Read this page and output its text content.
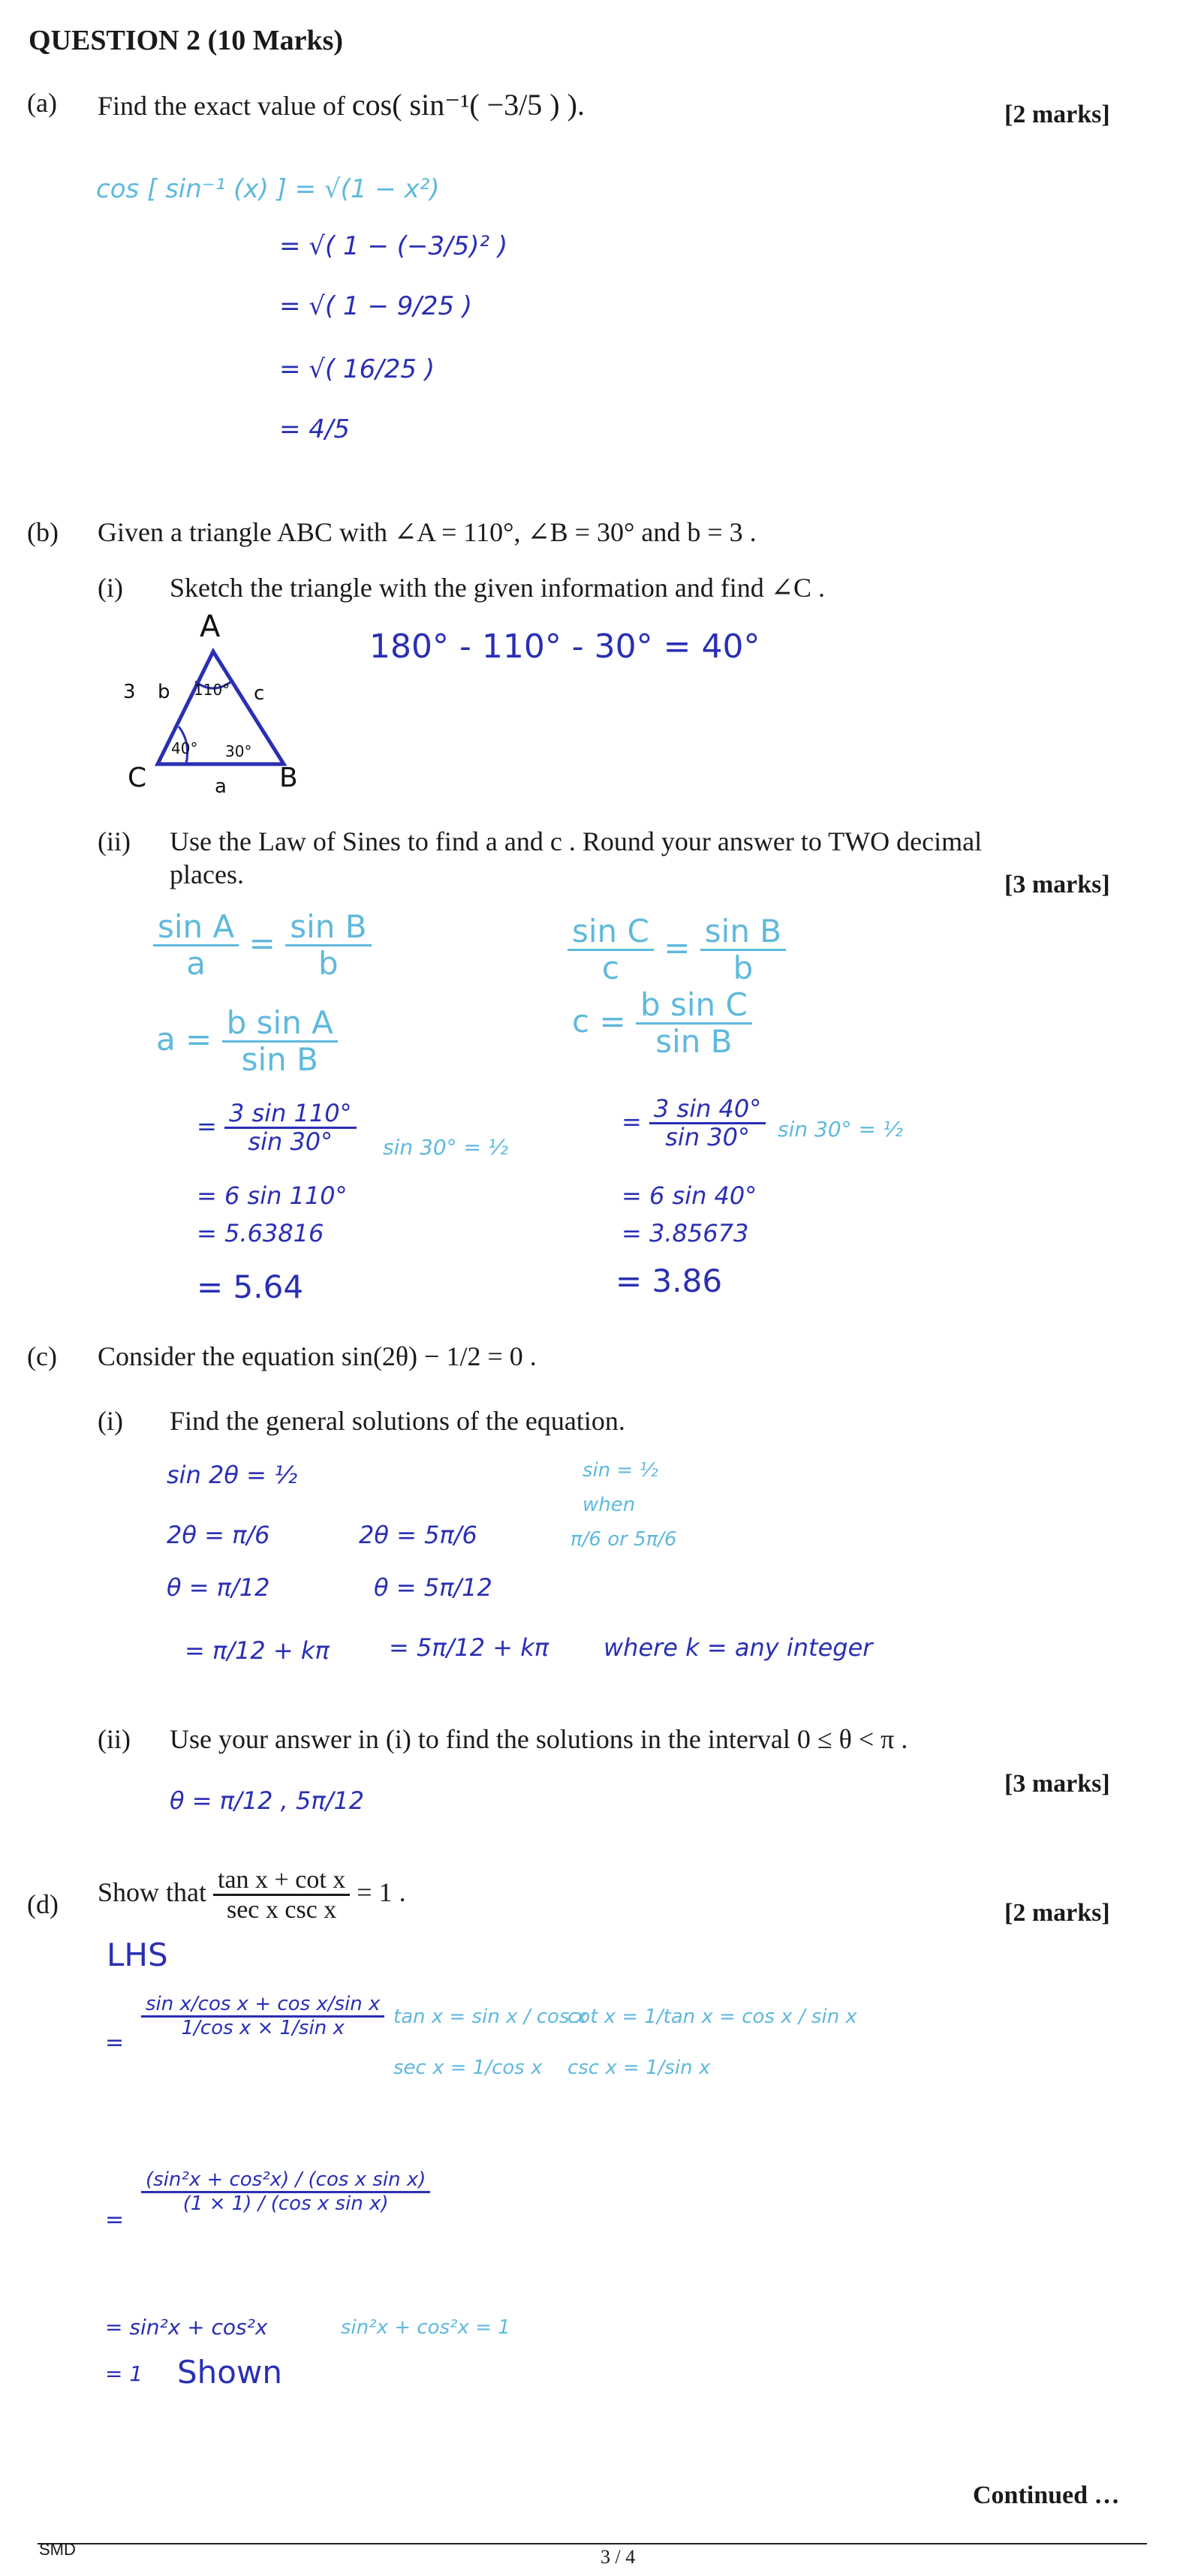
QUESTION 2 (10 Marks)
(a) Find the exact value of cos( sin⁻¹( −3/5 ) ).	[2 marks]
cos [ sin⁻¹ (x) ] = √(1 − x²)
= √( 1 − (−3/5)² )
= √( 1 − 9/25 )
= √( 16/25 )
= 4/5
(b) Given a triangle ABC with ∠A = 110°, ∠B = 30° and b = 3 .
(i) Sketch the triangle with the given information and find ∠C .
A
C	B
3 b	c
a
110°
40° 30°
180° - 110° - 30° = 40°
(ii) Use the Law of Sines to find a and c . Round your answer to TWO decimal
places.	[3 marks]
$\frac{\text{sin A}}{a} = \frac{\text{sin B}}{b}$
$a = \frac{\text{b sin A}}{\text{sin B}}$
= $\frac{3 \sin 110^\circ}{\sin 30^\circ}$ sin 30° = ½
= 6 sin 110°
= 5.63816
= 5.64
$\frac{\text{sin C}}{c} = \frac{\text{sin B}}{b}$
$c = \frac{\text{b sin C}}{\text{sin B}}$
= $\frac{3 \sin 40^\circ}{\sin 30^\circ}$ sin 30° = ½
= 6 sin 40°
= 3.85673
= 3.86
(c) Consider the equation sin(2θ) − 1/2 = 0 .
(i) Find the general solutions of the equation.
sin 2θ = ½
2θ = π/6
θ = π/12
= π/12 + kπ
2θ = 5π/6
θ = 5π/12
= 5π/12 + kπ
sin = ½
when
π/6 or 5π/6
where k = any integer
(ii) Use your answer in (i) to find the solutions in the interval 0 ≤ θ < π .
[3 marks]
θ = π/12 , 5π/12
(d) Show that $\frac{\text{tan x + cot x}}{\text{sec x csc x}} = 1$ .
[2 marks]
LHS
=
$\frac{\text{sin x/cos x + cos x/sin x}}{\text{1/cos x × 1/sin x}}$
=
$\frac{\text{(sin²x + cos²x) / (cos x sin x)}}{\text{(1 × 1) / (cos x sin x)}}$
= sin²x + cos²x
= 1 Shown
tan x = sin x / cos x
cot x = 1/tan x = cos x / sin x
sec x = 1/cos x csc x = 1/sin x
sin²x + cos²x = 1
Continued …
SMD	3 / 4
